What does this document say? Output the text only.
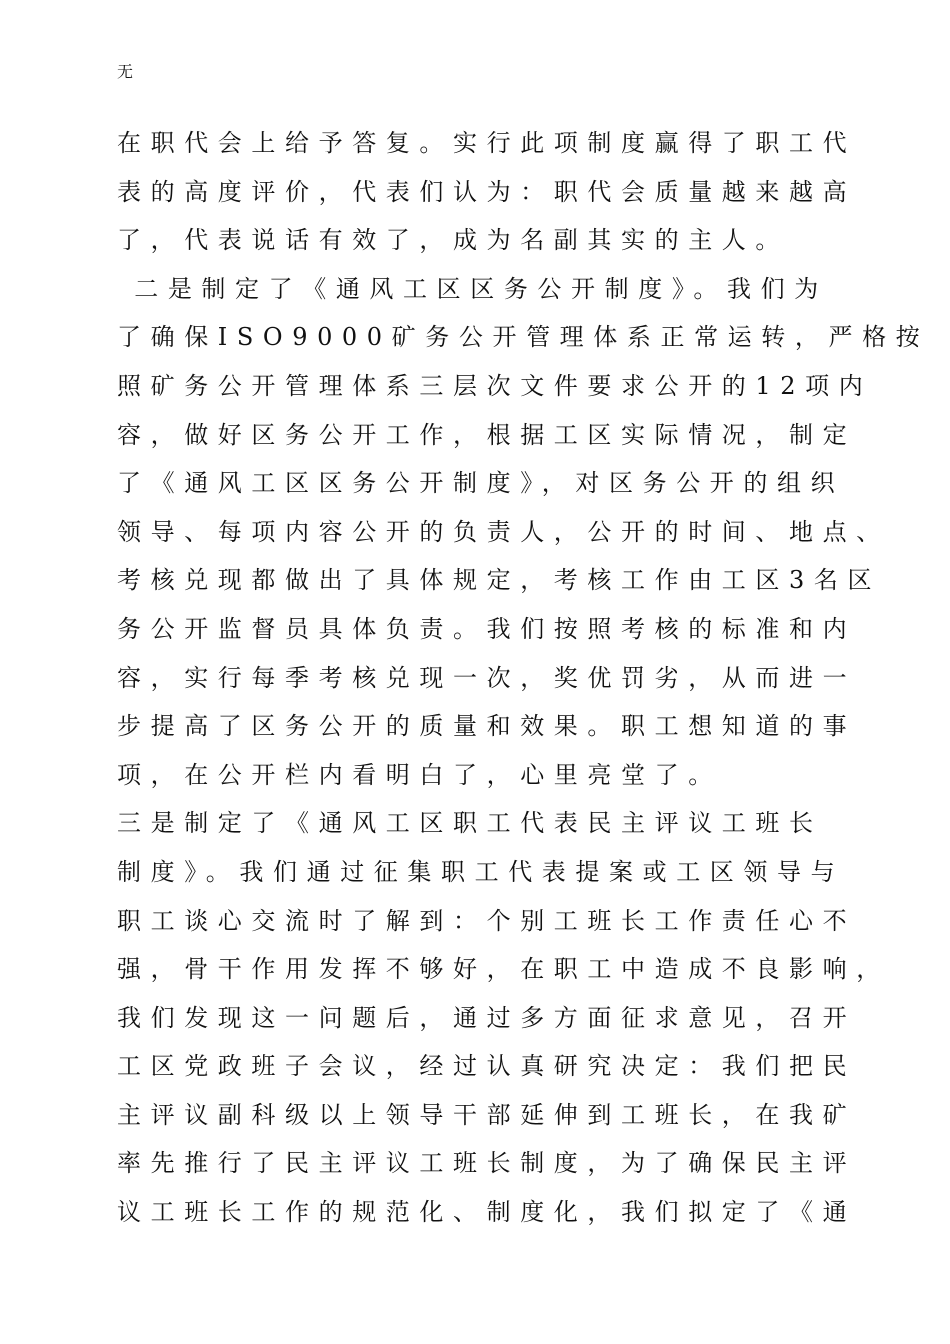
无
在职代会上给予答复。实行此项制度赢得了职工代
表的高度评价，代表们认为：职代会质量越来越高
了，代表说话有效了，成为名副其实的主人。
二是制定了《通风工区区务公开制度》。我们为
了确保ISO9000矿务公开管理体系正常运转，严格按
照矿务公开管理体系三层次文件要求公开的12项内
容，做好区务公开工作，根据工区实际情况，制定
了《通风工区区务公开制度》，对区务公开的组织
领导、每项内容公开的负责人，公开的时间、地点、
考核兑现都做出了具体规定，考核工作由工区3名区
务公开监督员具体负责。我们按照考核的标准和内
容，实行每季考核兑现一次，奖优罚劣，从而进一
步提高了区务公开的质量和效果。职工想知道的事
项，在公开栏内看明白了，心里亮堂了。
三是制定了《通风工区职工代表民主评议工班长
制度》。我们通过征集职工代表提案或工区领导与
职工谈心交流时了解到：个别工班长工作责任心不
强，骨干作用发挥不够好，在职工中造成不良影响，
我们发现这一问题后，通过多方面征求意见，召开
工区党政班子会议，经过认真研究决定：我们把民
主评议副科级以上领导干部延伸到工班长，在我矿
率先推行了民主评议工班长制度，为了确保民主评
议工班长工作的规范化、制度化，我们拟定了《通
